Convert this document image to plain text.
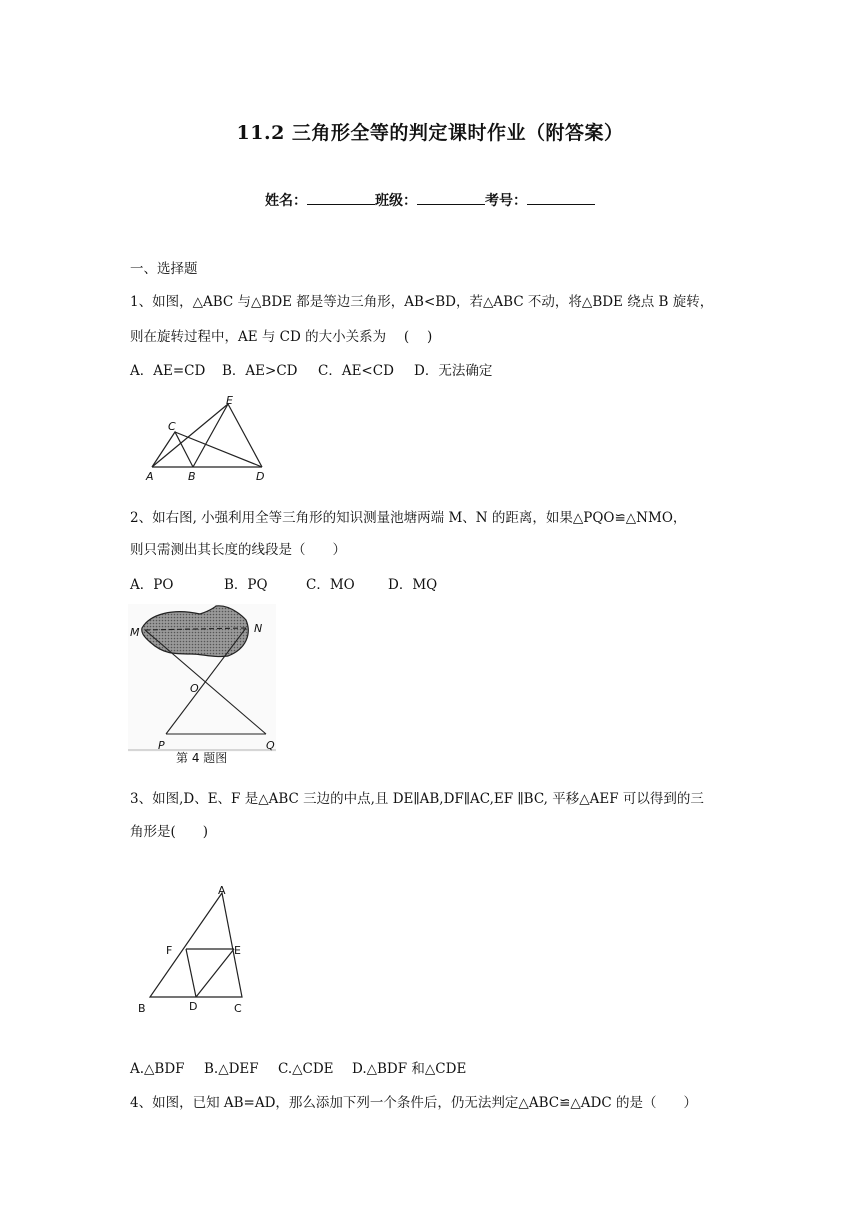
11.2 三角形全等的判定课时作业（附答案）
姓名：	班级：	考号：
一、选择题
1、如图，△ABC 与△BDE 都是等边三角形，AB<BD，若△ABC 不动，将△BDE 绕点 B 旋转，
则在旋转过程中，AE 与 CD 的大小关系为　 (　 )
A．AE=CD B．AE>CD C．AE<CD D．无法确定
A	B
C
D
E
2、如右图, 小强利用全等三角形的知识测量池塘两端 M、N 的距离，如果△PQO≌△NMO，
则只需测出其长度的线段是（　　）
A．PO	B．PQ	C．MO D．MQ
M	N
O
P	Q
第 4 题图
3、如图,D、E、F 是△ABC 三边的中点,且 DE∥AB,DF∥AC,EF ∥BC, 平移△AEF 可以得到的三
角形是(　　)
A
B	C
D
E
F
A.△BDF B.△DEF C.△CDE D.△BDF 和△CDE
4、如图，已知 AB=AD，那么添加下列一个条件后，仍无法判定△ABC≌△ADC 的是（　　）
